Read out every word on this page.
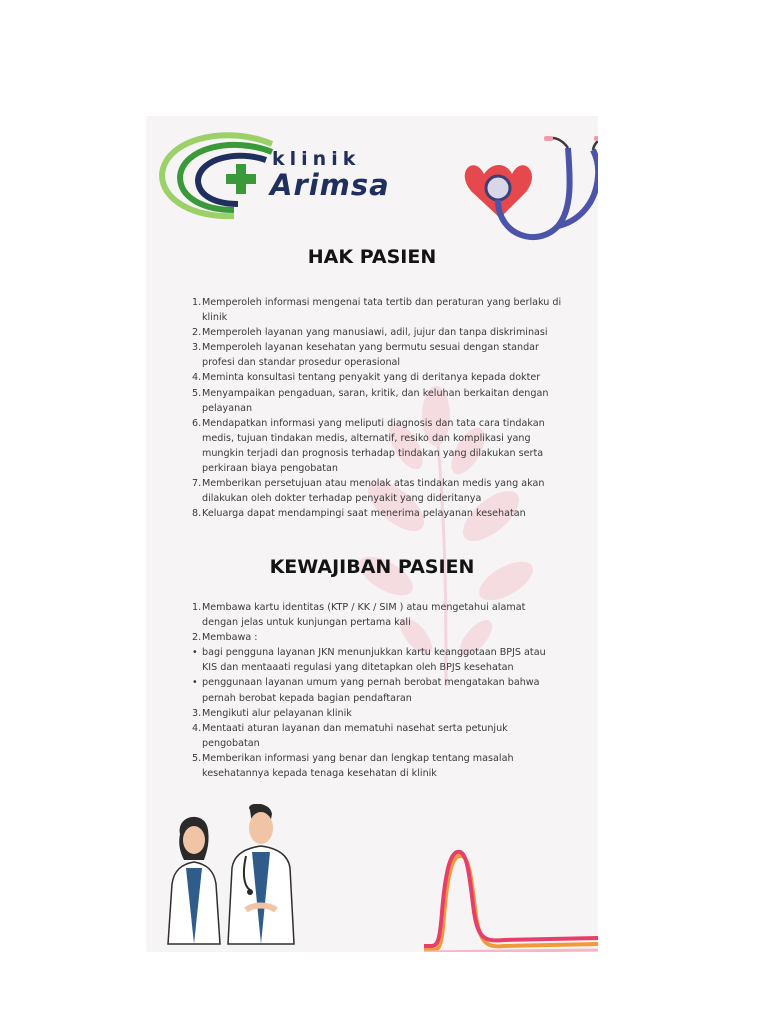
klinik
Arimsa
HAK PASIEN
1. Memperoleh informasi mengenai tata tertib dan peraturan yang berlaku di klinik
2. Memperoleh layanan yang manusiawi, adil, jujur dan tanpa diskriminasi
3. Memperoleh layanan kesehatan yang bermutu sesuai dengan standar profesi dan standar prosedur operasional
4. Meminta konsultasi tentang penyakit yang di deritanya kepada dokter
5. Menyampaikan pengaduan, saran, kritik, dan keluhan berkaitan dengan pelayanan
6. Mendapatkan informasi yang meliputi diagnosis dan tata cara tindakan medis, tujuan tindakan medis, alternatif, resiko dan komplikasi yang mungkin terjadi dan prognosis terhadap tindakan yang dilakukan serta perkiraan biaya pengobatan
7. Memberikan persetujuan atau menolak atas tindakan medis yang akan dilakukan oleh dokter terhadap penyakit yang dideritanya
8. Keluarga dapat mendampingi saat menerima pelayanan kesehatan
KEWAJIBAN PASIEN
1. Membawa kartu identitas (KTP / KK / SIM ) atau mengetahui alamat dengan jelas untuk kunjungan pertama kali
2. Membawa :
• bagi pengguna layanan JKN menunjukkan kartu keanggotaan BPJS atau KIS dan mentaaati regulasi yang ditetapkan oleh BPJS kesehatan
• penggunaan layanan umum yang pernah berobat mengatakan bahwa pernah berobat kepada bagian pendaftaran
3. Mengikuti alur pelayanan klinik
4. Mentaati aturan layanan dan mematuhi nasehat serta petunjuk pengobatan
5. Memberikan informasi yang benar dan lengkap tentang masalah kesehatannya kepada tenaga kesehatan di klinik
